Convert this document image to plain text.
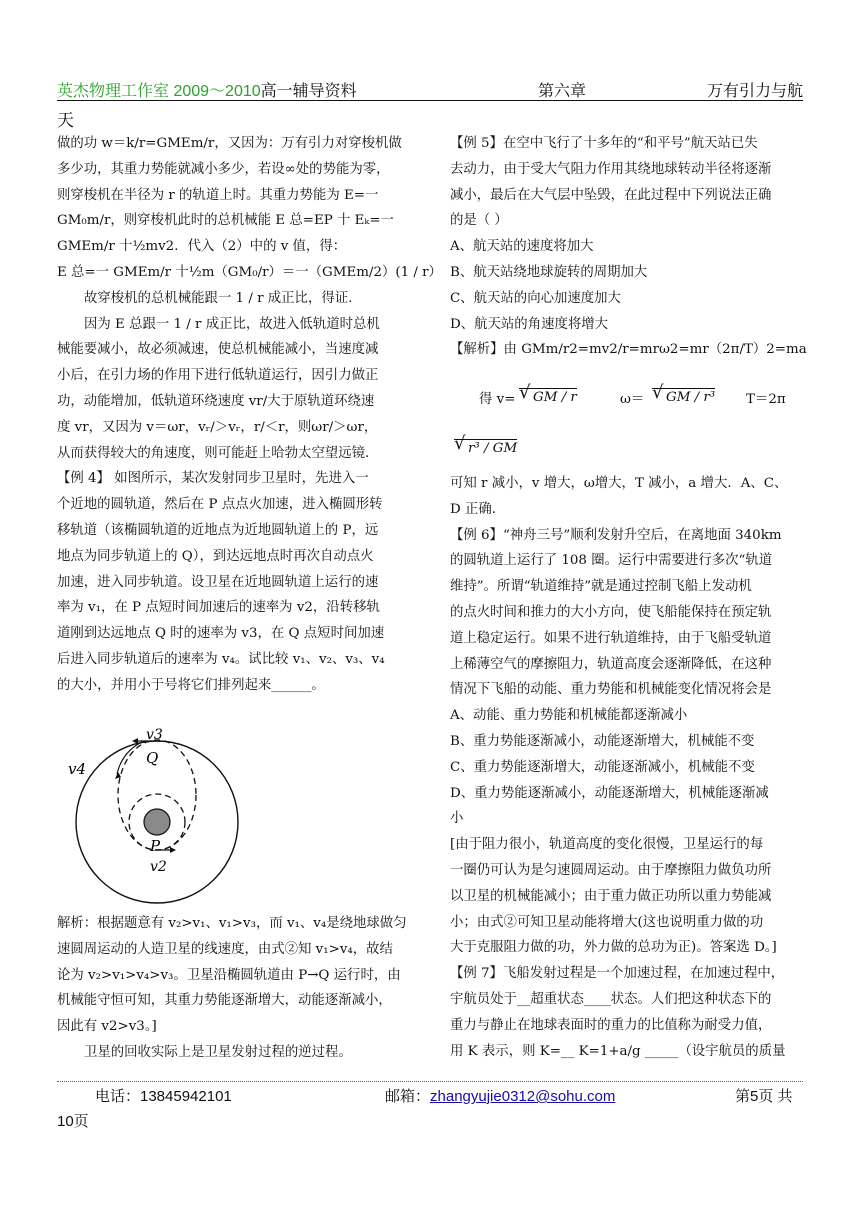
英杰物理工作室 2009～2010高一辅导资料	第六章	万有引力与航
天

做的功 w＝k/r=GMEm/r，又因为：万有引力对穿梭机做

多少功，其重力势能就减小多少，若设∞处的势能为零，

则穿梭机在半径为 r 的轨道上时。其重力势能为 E=一

GM₀m/r，则穿梭机此时的总机械能 E 总=EP 十 Eₖ=一

GMEm/r 十½mv2．代入（2）中的 v 值，得：

E 总=一 GMEm/r 十½m（GM₀/r）＝一（GMEm/2）(1 / r）

故穿梭机的总机械能跟一 1 / r 成正比，得证.

因为 E 总跟一 1 / r 成正比，故进入低轨道时总机

械能要减小，故必须减速，使总机械能减小，当速度减

小后，在引力场的作用下进行低轨道运行，因引力做正

功，动能增加，低轨道环绕速度 vr/大于原轨道环绕速

度 vr，又因为 v＝ωr，vᵣ/＞vᵣ，r/＜r，则ωr/＞ωr，

从而获得较大的角速度，则可能赶上哈勃太空望远镜.

【例 4】 如图所示，某次发射同步卫星时，先进入一

个近地的圆轨道，然后在 P 点点火加速，进入椭圆形转

移轨道（该椭圆轨道的近地点为近地圆轨道上的 P，远

地点为同步轨道上的 Q），到达远地点时再次自动点火

加速，进入同步轨道。设卫星在近地圆轨道上运行的速

率为 v₁，在 P 点短时间加速后的速率为 v2，沿转移轨

道刚到达远地点 Q 时的速率为 v3，在 Q 点短时间加速

后进入同步轨道后的速率为 v₄。试比较 v₁、v₂、v₃、v₄

的大小，并用小于号将它们排列起来______。

v3
Q
v4
P
v2

解析：根据题意有 v₂>v₁、v₁>v₃，而 v₁、v₄是绕地球做匀

速圆周运动的人造卫星的线速度，由式②知 v₁>v₄，故结

论为 v₂>v₁>v₄>v₃。卫星沿椭圆轨道由 P→Q 运行时，由

机械能守恒可知，其重力势能逐渐增大，动能逐渐减小，

因此有 v2>v3。]

卫星的回收实际上是卫星发射过程的逆过程。

【例 5】在空中飞行了十多年的“和平号”航天站已失

去动力，由于受大气阻力作用其绕地球转动半径将逐渐

减小，最后在大气层中坠毁，在此过程中下列说法正确

的是（ ）

A、航天站的速度将加大

B、航天站绕地球旋转的周期加大

C、航天站的向心加速度加大

D、航天站的角速度将增大

【解析】由 GMm/r2=mv2/r=mrω2=mr（2π/T）2=ma

得 v=	√ GM / r	ω＝	√ GM / r³ T＝2π
√ r³ / GM

可知 r 减小，v 增大，ω增大，T 减小，a 增大．A、C、

D 正确．

【例 6】“神舟三号”顺利发射升空后，在离地面 340km

的圆轨道上运行了 108 圈。运行中需要进行多次“轨道

维持”。所谓“轨道维持”就是通过控制飞船上发动机

的点火时间和推力的大小方向，使飞船能保持在预定轨

道上稳定运行。如果不进行轨道维持，由于飞船受轨道

上稀薄空气的摩擦阻力，轨道高度会逐渐降低，在这种

情况下飞船的动能、重力势能和机械能变化情况将会是

A、动能、重力势能和机械能都逐渐减小

B、重力势能逐渐减小，动能逐渐增大，机械能不变

C、重力势能逐渐增大，动能逐渐减小，机械能不变

D、重力势能逐渐减小，动能逐渐增大，机械能逐渐减

小

[由于阻力很小，轨道高度的变化很慢，卫星运行的每

一圈仍可认为是匀速圆周运动。由于摩擦阻力做负功所

以卫星的机械能减小；由于重力做正功所以重力势能减

小；由式②可知卫星动能将增大(这也说明重力做的功

大于克服阻力做的功，外力做的总功为正)。答案选 D。]

【例 7】飞船发射过程是一个加速过程，在加速过程中，

宇航员处于__超重状态____状态。人们把这种状态下的

重力与静止在地球表面时的重力的比值称为耐受力值，

用 K 表示，则 K=__ K=1+a/g _____（设宇航员的质量

电话：13845942101	邮箱：zhangyujie0312@sohu.com	第5页 共
10页
